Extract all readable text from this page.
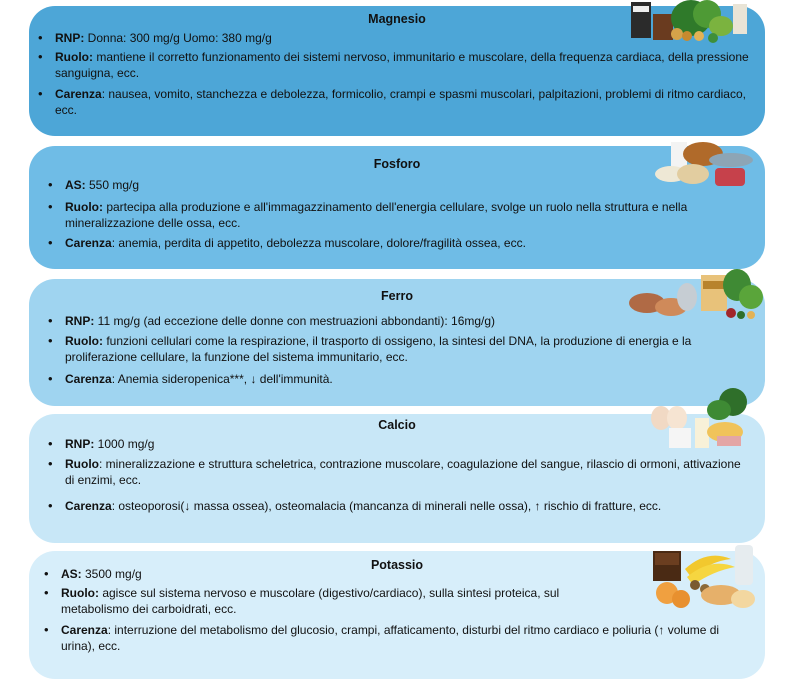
Magnesio
• RNP: Donna: 300 mg/g Uomo: 380 mg/g
• Ruolo: mantiene il corretto funzionamento dei sistemi nervoso, immunitario e muscolare, della frequenza cardiaca, della pressione sanguigna, ecc.
• Carenza: nausea, vomito, stanchezza e debolezza, formicolio, crampi e spasmi muscolari, palpitazioni, problemi di ritmo cardiaco, ecc.
Fosforo
• AS: 550 mg/g
• Ruolo: partecipa alla produzione e all'immagazzinamento dell'energia cellulare, svolge un ruolo nella struttura e nella mineralizzazione delle ossa, ecc.
• Carenza: anemia, perdita di appetito, debolezza muscolare, dolore/fragilità ossea, ecc.
Ferro
• RNP: 11 mg/g (ad eccezione delle donne con mestruazioni abbondanti): 16mg/g)
• Ruolo: funzioni cellulari come la respirazione, il trasporto di ossigeno, la sintesi del DNA, la produzione di energia e la proliferazione cellulare, la funzione del sistema immunitario, ecc.
• Carenza: Anemia sideropenica***, ↓ dell'immunità.
Calcio
• RNP: 1000 mg/g
• Ruolo: mineralizzazione e struttura scheletrica, contrazione muscolare, coagulazione del sangue, rilascio di ormoni, attivazione di enzimi, ecc.
• Carenza: osteoporosi(↓ massa ossea), osteomalacia (mancanza di minerali nelle ossa), ↑ rischio di fratture, ecc.
Potassio
• AS: 3500 mg/g
• Ruolo: agisce sul sistema nervoso e muscolare (digestivo/cardiaco), sulla sintesi proteica, sul metabolismo dei carboidrati, ecc.
• Carenza: interruzione del metabolismo del glucosio, crampi, affaticamento, disturbi del ritmo cardiaco e poliuria (↑ volume di urina), ecc.
